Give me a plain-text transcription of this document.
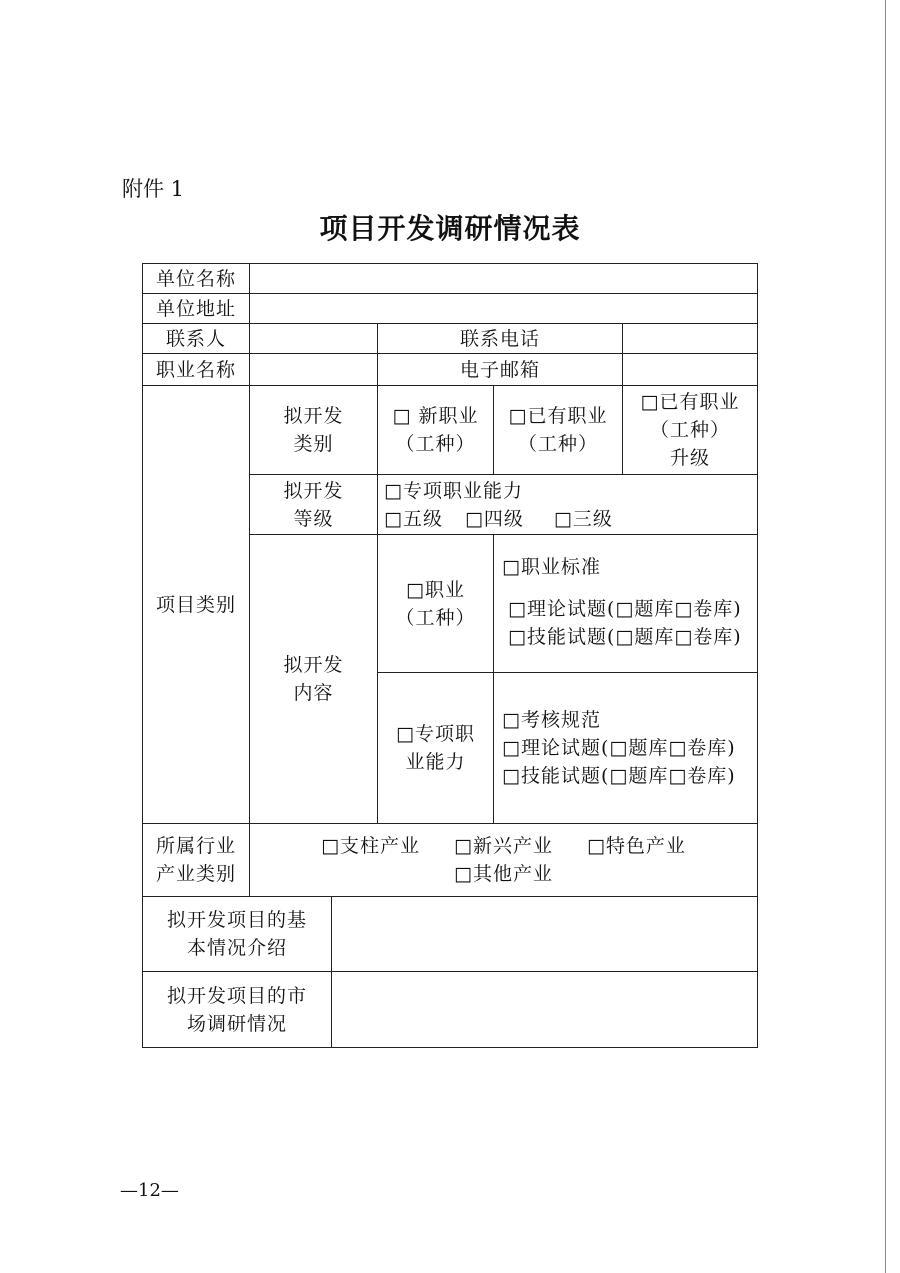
附件 1
项目开发调研情况表
单位名称
单位地址
联系人	联系电话
职业名称	电子邮箱
项目类别
拟开发
类别
□ 新职业
（工种）
□已有职业
（工种）
□已有职业
（工种）
升级
拟开发
等级
□专项职业能力
□五级 □四级 □三级
拟开发
内容
□职业
（工种）
□职业标准
□理论试题(□题库□卷库)
□技能试题(□题库□卷库)
□专项职
业能力
□考核规范
□理论试题(□题库□卷库)
□技能试题(□题库□卷库)
所属行业
产业类别
□支柱产业 □新兴产业 □特色产业
□其他产业
拟开发项目的基
本情况介绍
拟开发项目的市
场调研情况
—12—
